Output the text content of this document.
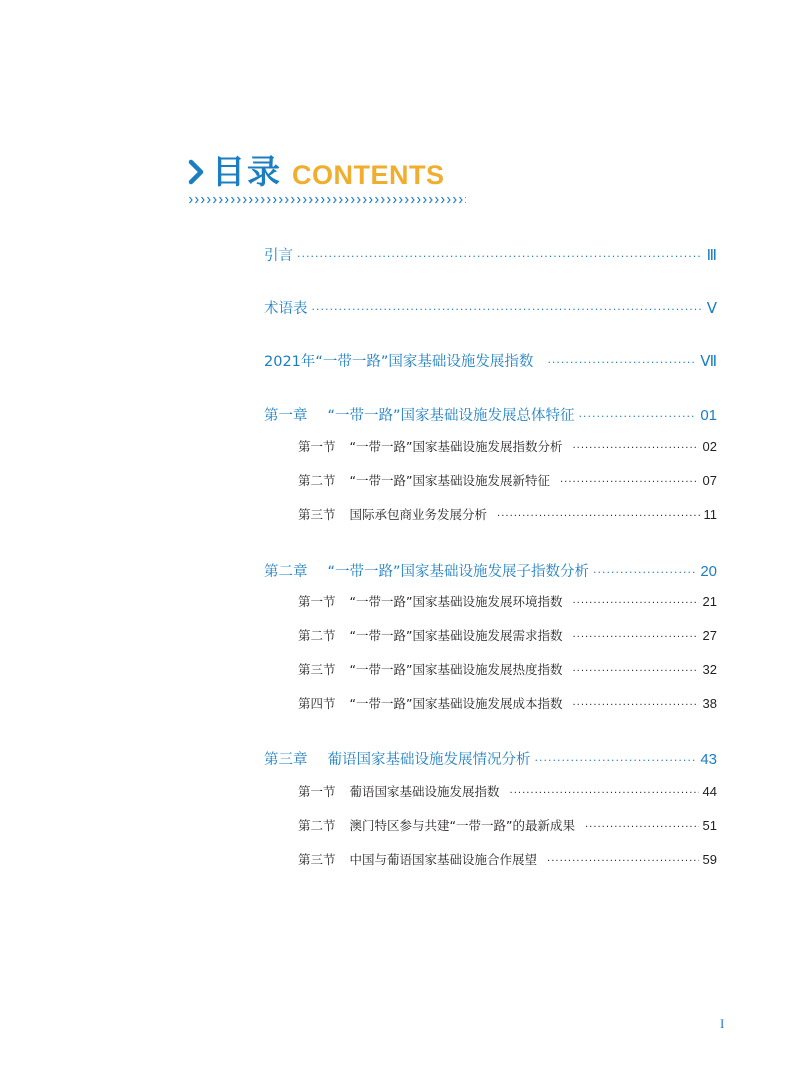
目录 CONTENTS
引言 ·····	Ⅲ
术语表 ·····	Ⅴ
2021年“一带一路”国家基础设施发展指数 ·····	Ⅶ
第一章 “一带一路”国家基础设施发展总体特征 ·····	01
第一节 “一带一路”国家基础设施发展指数分析 ·····	02
第二节 “一带一路”国家基础设施发展新特征 ·····	07
第三节 国际承包商业务发展分析 ·····	11
第二章 “一带一路”国家基础设施发展子指数分析 ·····	20
第一节 “一带一路”国家基础设施发展环境指数 ·····	21
第二节 “一带一路”国家基础设施发展需求指数 ·····	27
第三节 “一带一路”国家基础设施发展热度指数 ·····	32
第四节 “一带一路”国家基础设施发展成本指数 ·····	38
第三章 葡语国家基础设施发展情况分析 ·····	43
第一节 葡语国家基础设施发展指数 ·····	44
第二节 澳门特区参与共建“一带一路”的最新成果 ·····	51
第三节 中国与葡语国家基础设施合作展望 ·····	59
I
